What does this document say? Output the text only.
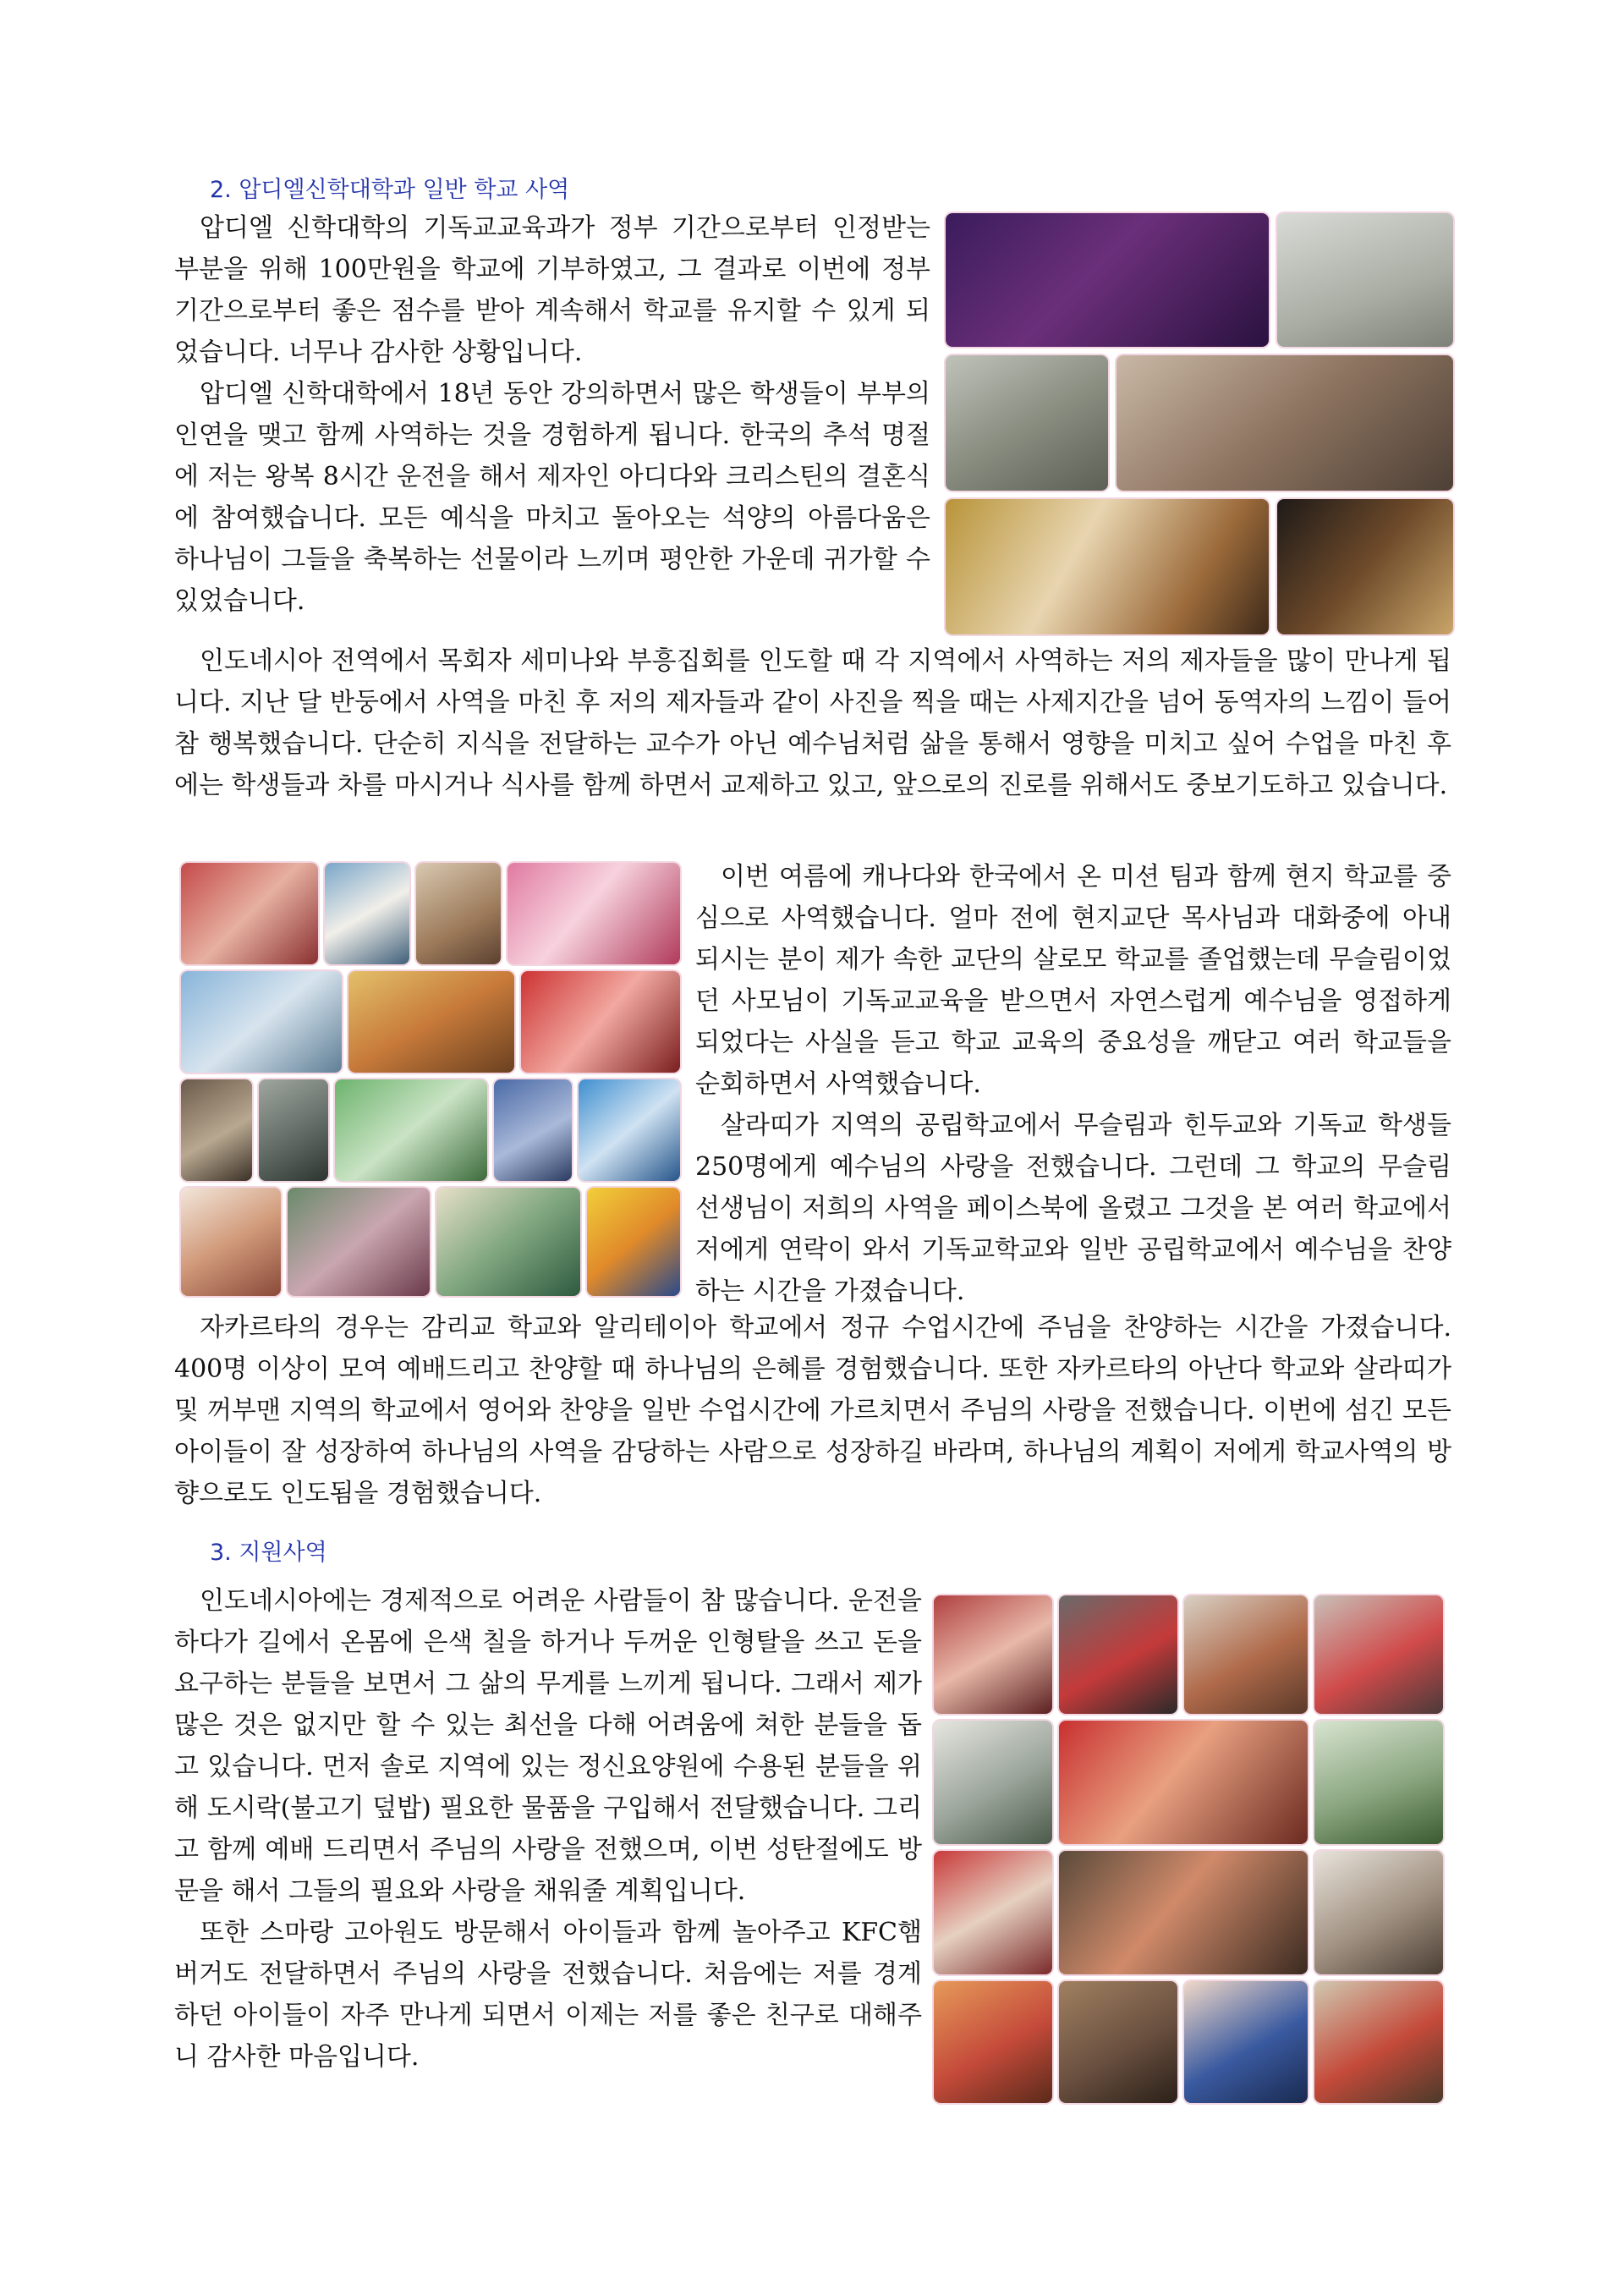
2. 압디엘신학대학과 일반 학교 사역

압디엘 신학대학의 기독교교육과가 정부 기간으로부터 인정받는 부분을 위해 100만원을 학교에 기부하였고, 그 결과로 이번에 정부기간으로부터 좋은 점수를 받아 계속해서 학교를 유지할 수 있게 되었습니다. 너무나 감사한 상황입니다.

압디엘 신학대학에서 18년 동안 강의하면서 많은 학생들이 부부의 인연을 맺고 함께 사역하는 것을 경험하게 됩니다. 한국의 추석 명절에 저는 왕복 8시간 운전을 해서 제자인 아디다와 크리스틴의 결혼식에 참여했습니다. 모든 예식을 마치고 돌아오는 석양의 아름다움은 하나님이 그들을 축복하는 선물이라 느끼며 평안한 가운데 귀가할 수 있었습니다.

인도네시아 전역에서 목회자 세미나와 부흥집회를 인도할 때 각 지역에서 사역하는 저의 제자들을 많이 만나게 됩니다. 지난 달 반둥에서 사역을 마친 후 저의 제자들과 같이 사진을 찍을 때는 사제지간을 넘어 동역자의 느낌이 들어 참 행복했습니다. 단순히 지식을 전달하는 교수가 아닌 예수님처럼 삶을 통해서 영향을 미치고 싶어 수업을 마친 후에는 학생들과 차를 마시거나 식사를 함께 하면서 교제하고 있고, 앞으로의 진로를 위해서도 중보기도하고 있습니다.

이번 여름에 캐나다와 한국에서 온 미션 팀과 함께 현지 학교를 중심으로 사역했습니다. 얼마 전에 현지교단 목사님과 대화중에 아내 되시는 분이 제가 속한 교단의 살로모 학교를 졸업했는데 무슬림이었던 사모님이 기독교교육을 받으면서 자연스럽게 예수님을 영접하게 되었다는 사실을 듣고 학교 교육의 중요성을 깨닫고 여러 학교들을 순회하면서 사역했습니다.

살라띠가 지역의 공립학교에서 무슬림과 힌두교와 기독교 학생들 250명에게 예수님의 사랑을 전했습니다. 그런데 그 학교의 무슬림 선생님이 저희의 사역을 페이스북에 올렸고 그것을 본 여러 학교에서 저에게 연락이 와서 기독교학교와 일반 공립학교에서 예수님을 찬양하는 시간을 가졌습니다.

자카르타의 경우는 감리교 학교와 알리테이아 학교에서 정규 수업시간에 주님을 찬양하는 시간을 가졌습니다. 400명 이상이 모여 예배드리고 찬양할 때 하나님의 은혜를 경험했습니다. 또한 자카르타의 아난다 학교와 살라띠가 및 꺼부맨 지역의 학교에서 영어와 찬양을 일반 수업시간에 가르치면서 주님의 사랑을 전했습니다. 이번에 섬긴 모든 아이들이 잘 성장하여 하나님의 사역을 감당하는 사람으로 성장하길 바라며, 하나님의 계획이 저에게 학교사역의 방향으로도 인도됨을 경험했습니다.

3. 지원사역

인도네시아에는 경제적으로 어려운 사람들이 참 많습니다. 운전을 하다가 길에서 온몸에 은색 칠을 하거나 두꺼운 인형탈을 쓰고 돈을 요구하는 분들을 보면서 그 삶의 무게를 느끼게 됩니다. 그래서 제가 많은 것은 없지만 할 수 있는 최선을 다해 어려움에 쳐한 분들을 돕고 있습니다. 먼저 솔로 지역에 있는 정신요양원에 수용된 분들을 위해 도시락(불고기 덮밥) 필요한 물품을 구입해서 전달했습니다. 그리고 함께 예배 드리면서 주님의 사랑을 전했으며, 이번 성탄절에도 방문을 해서 그들의 필요와 사랑을 채워줄 계획입니다.

또한 스마랑 고아원도 방문해서 아이들과 함께 놀아주고 KFC햄버거도 전달하면서 주님의 사랑을 전했습니다. 처음에는 저를 경계하던 아이들이 자주 만나게 되면서 이제는 저를 좋은 친구로 대해주니 감사한 마음입니다.
